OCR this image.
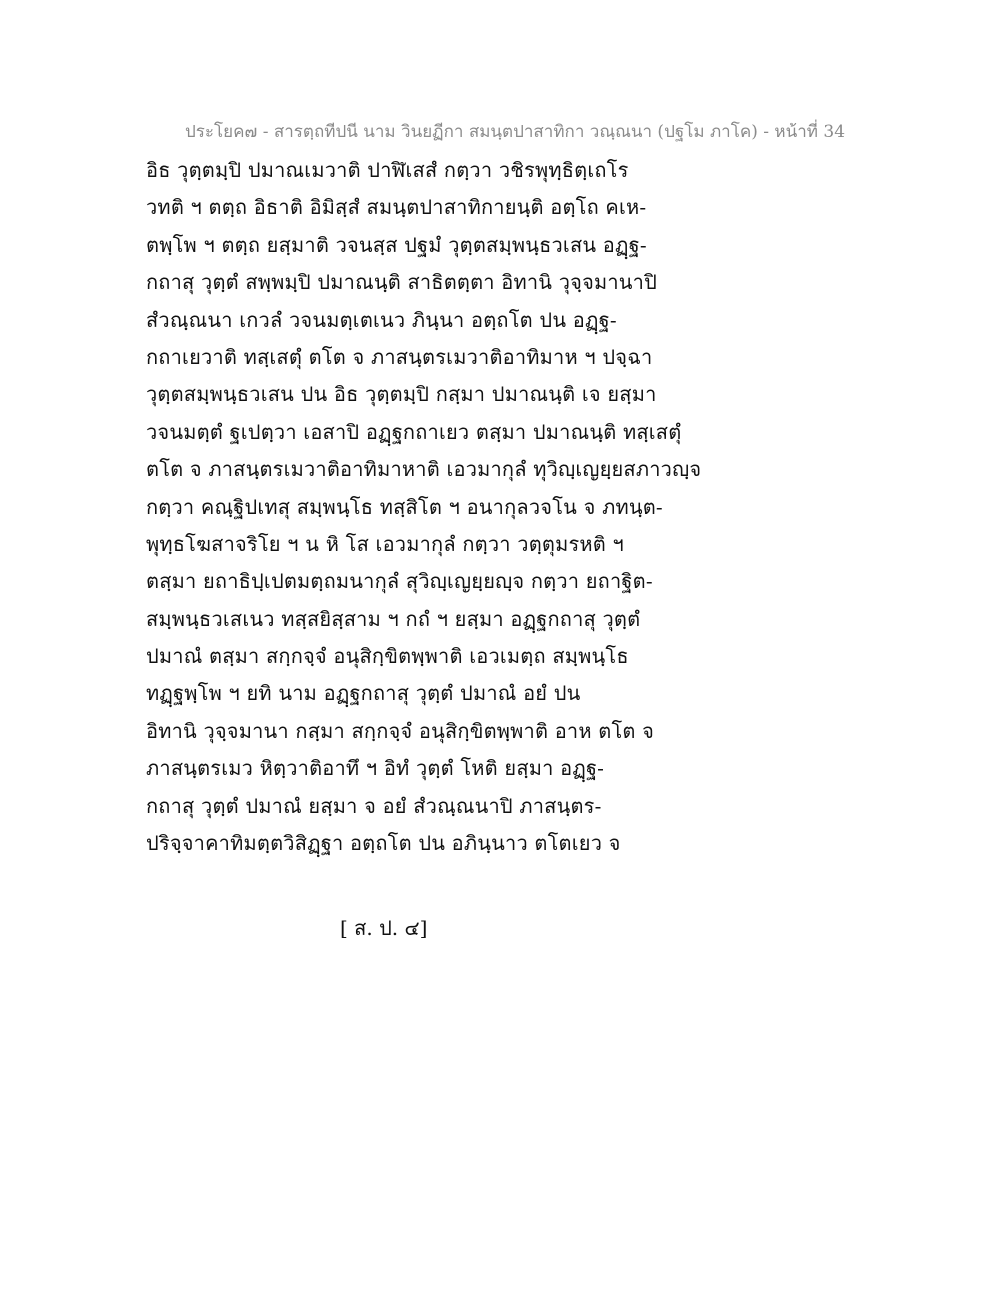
ประโยค๗ - สารตฺถทีปนี นาม วินยฏีกา สมนฺตปาสาทิกา วณฺณนา (ปฐโม ภาโค) - หน้าที่ 34
อิธ วุตฺตมฺปิ ปมาณเมวาติ ปาฬิเสสํ กตฺวา วชิรพุทฺธิตฺเถโร
วทติ ฯ ตตฺถ อิธาติ อิมิสฺสํ สมนฺตปาสาทิกายนฺติ อตฺโถ คเห-
ตพฺโพ ฯ ตตฺถ ยสฺมาติ วจนสฺส ปฐมํ วุตฺตสมฺพนฺธวเสน อฏฺฐ-
กถาสุ วุตฺตํ สพฺพมฺปิ ปมาณนฺติ สาธิตตฺตา อิทานิ วุจฺจมานาปิ
สํวณฺณนา เกวลํ วจนมตฺเตเนว ภินฺนา อตฺถโต ปน อฏฺฐ-
กถาเยวาติ ทสฺเสตุํ ตโต จ ภาสนฺตรเมวาติอาทิมาห ฯ ปจฺฉา
วุตฺตสมฺพนฺธวเสน ปน อิธ วุตฺตมฺปิ กสฺมา ปมาณนฺติ เจ ยสฺมา
วจนมตฺตํ ฐเปตฺวา เอสาปิ อฏฺฐกถาเยว ตสฺมา ปมาณนฺติ ทสฺเสตุํ
ตโต จ ภาสนฺตรเมวาติอาทิมาหาติ เอวมากุลํ ทุวิญฺเญยฺยสภาวญฺจ
กตฺวา คณฺฐิปเทสุ สมฺพนฺโธ ทสฺสิโต ฯ อนากุลวจโน จ ภทนฺต-
พุทฺธโฆสาจริโย ฯ น หิ โส เอวมากุลํ กตฺวา วตฺตุมรหติ ฯ
ตสฺมา ยถาธิปฺเปตมตฺถมนากุลํ สุวิญฺเญยฺยญฺจ กตฺวา ยถาฐิต-
สมฺพนฺธวเสเนว ทสฺสยิสฺสาม ฯ กถํ ฯ ยสฺมา อฏฺฐกถาสุ วุตฺตํ
ปมาณํ ตสฺมา สกฺกจฺจํ อนุสิกฺขิตพฺพาติ เอวเมตฺถ สมฺพนฺโธ
ทฏฺฐพฺโพ ฯ ยทิ นาม อฏฺฐกถาสุ วุตฺตํ ปมาณํ อยํ ปน
อิทานิ วุจฺจมานา กสฺมา สกฺกจฺจํ อนุสิกฺขิตพฺพาติ อาห ตโต จ
ภาสนฺตรเมว หิตฺวาติอาทึ ฯ อิทํ วุตฺตํ โหติ ยสฺมา อฏฺฐ-
กถาสุ วุตฺตํ ปมาณํ ยสฺมา จ อยํ สํวณฺณนาปิ ภาสนฺตร-
ปริจฺจาคาทิมตฺตวิสิฏฺฐา อตฺถโต ปน อภินฺนาว ตโตเยว จ
[ ส. ป. ๔]
